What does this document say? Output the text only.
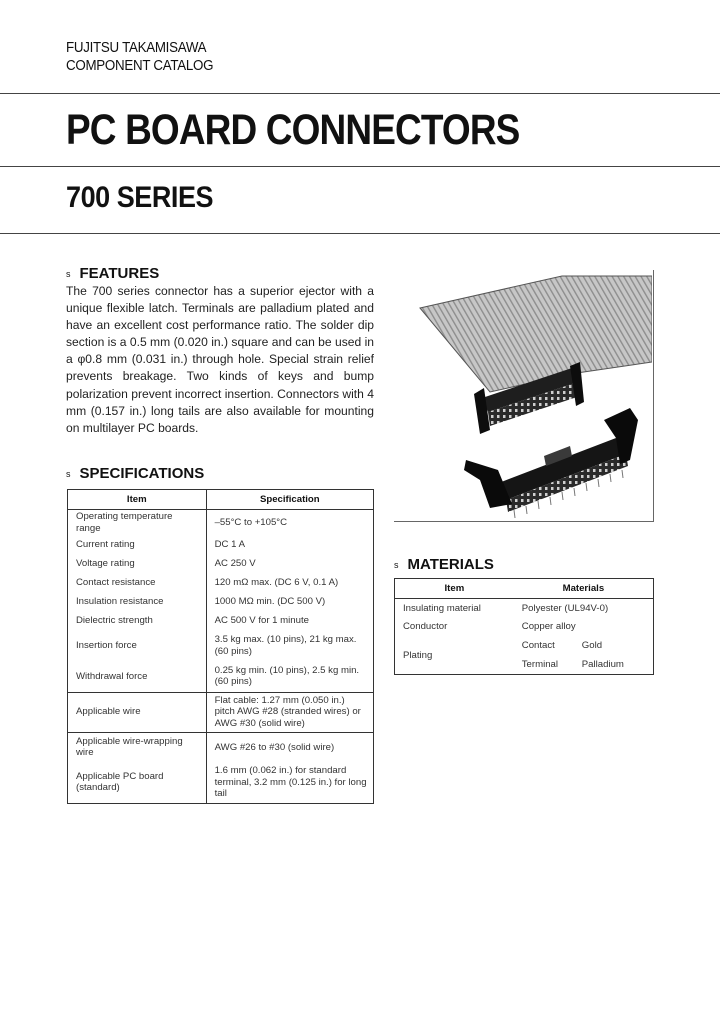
FUJITSU TAKAMISAWA
COMPONENT CATALOG
PC BOARD CONNECTORS
700 SERIES
s FEATURES
The 700 series connector has a superior ejector with a unique flexible latch. Terminals are palladium plated and have an excellent cost performance ratio. The solder dip section is a 0.5 mm (0.020 in.) square and can be used in a φ0.8 mm (0.031 in.) through hole. Special strain relief prevents breakage. Two kinds of keys and bump polarization prevent incorrect insertion. Connectors with 4 mm (0.157 in.) long tails are also available for mounting on multilayer PC boards.
s SPECIFICATIONS
Item	Specification
Operating temperature range	–55°C to +105°C
Current rating	DC 1 A
Voltage rating	AC 250 V
Contact resistance	120 mΩ max. (DC 6 V, 0.1 A)
Insulation resistance	1000 MΩ min. (DC 500 V)
Dielectric strength	AC 500 V for 1 minute
Insertion force	3.5 kg max. (10 pins), 21 kg max. (60 pins)
Withdrawal force	0.25 kg min. (10 pins), 2.5 kg min. (60 pins)
Applicable wire	Flat cable: 1.27 mm (0.050 in.) pitch AWG #28 (stranded wires) or AWG #30 (solid wire)
Applicable wire-wrapping wire	AWG #26 to #30 (solid wire)
Applicable PC board (standard)	1.6 mm (0.062 in.) for standard terminal, 3.2 mm (0.125 in.) for long tail
s MATERIALS
Item	Materials
Insulating material	Polyester (UL94V-0)
Conductor	Copper alloy
Plating	Contact Gold

	Terminal Palladium
